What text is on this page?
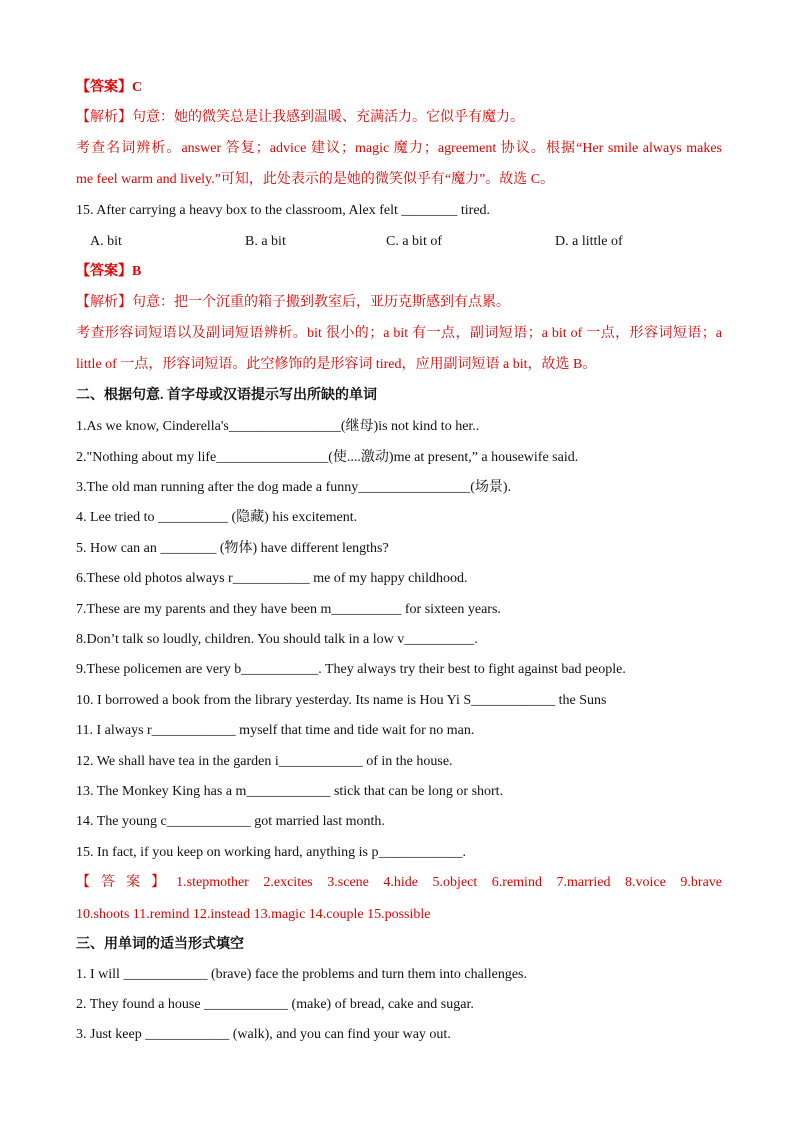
【答案】C
【解析】句意：她的微笑总是让我感到温暖、充满活力。它似乎有魔力。
考查名词辨析。answer 答复；advice 建议；magic 魔力；agreement 协议。根据“Her smile always makes
me feel warm and lively.”可知，此处表示的是她的微笑似乎有“魔力”。故选 C。
15. After carrying a heavy box to the classroom, Alex felt ________ tired.
A. bit	B. a bit	C. a bit of	D. a little of
【答案】B
【解析】句意：把一个沉重的箱子搬到教室后，亚历克斯感到有点累。
考查形容词短语以及副词短语辨析。bit 很小的；a bit 有一点，副词短语；a bit of 一点，形容词短语；a
little of 一点，形容词短语。此空修饰的是形容词 tired，应用副词短语 a bit，故选 B。
二、根据句意. 首字母或汉语提示写出所缺的单词
1.As we know, Cinderella's________________(继母)is not kind to her..
2."Nothing about my life________________(使....激动)me at present,” a housewife said.
3.The old man running after the dog made a funny________________(场景).
4. Lee tried to __________ (隐藏) his excitement.
5. How can an ________ (物体) have different lengths?
6.These old photos always r___________ me of my happy childhood.
7.These are my parents and they have been m__________ for sixteen years.
8.Don’t talk so loudly, children. You should talk in a low v__________.
9.These policemen are very b___________. They always try their best to fight against bad people.
10. I borrowed a book from the library yesterday. Its name is Hou Yi S____________ the Suns
11. I always r____________ myself that time and tide wait for no man.
12. We shall have tea in the garden i____________ of in the house.
13. The Monkey King has a m____________ stick that can be long or short.
14. The young c____________ got married last month.
15. In fact, if you keep on working hard, anything is p____________.
【答案】1.stepmother 2.excites 3.scene 4.hide 5.object 6.remind 7.married 8.voice 9.brave
10.shoots 11.remind 12.instead 13.magic 14.couple 15.possible
三、用单词的适当形式填空
1. I will ____________ (brave) face the problems and turn them into challenges.
2. They found a house ____________ (make) of bread, cake and sugar.
3. Just keep ____________ (walk), and you can find your way out.
